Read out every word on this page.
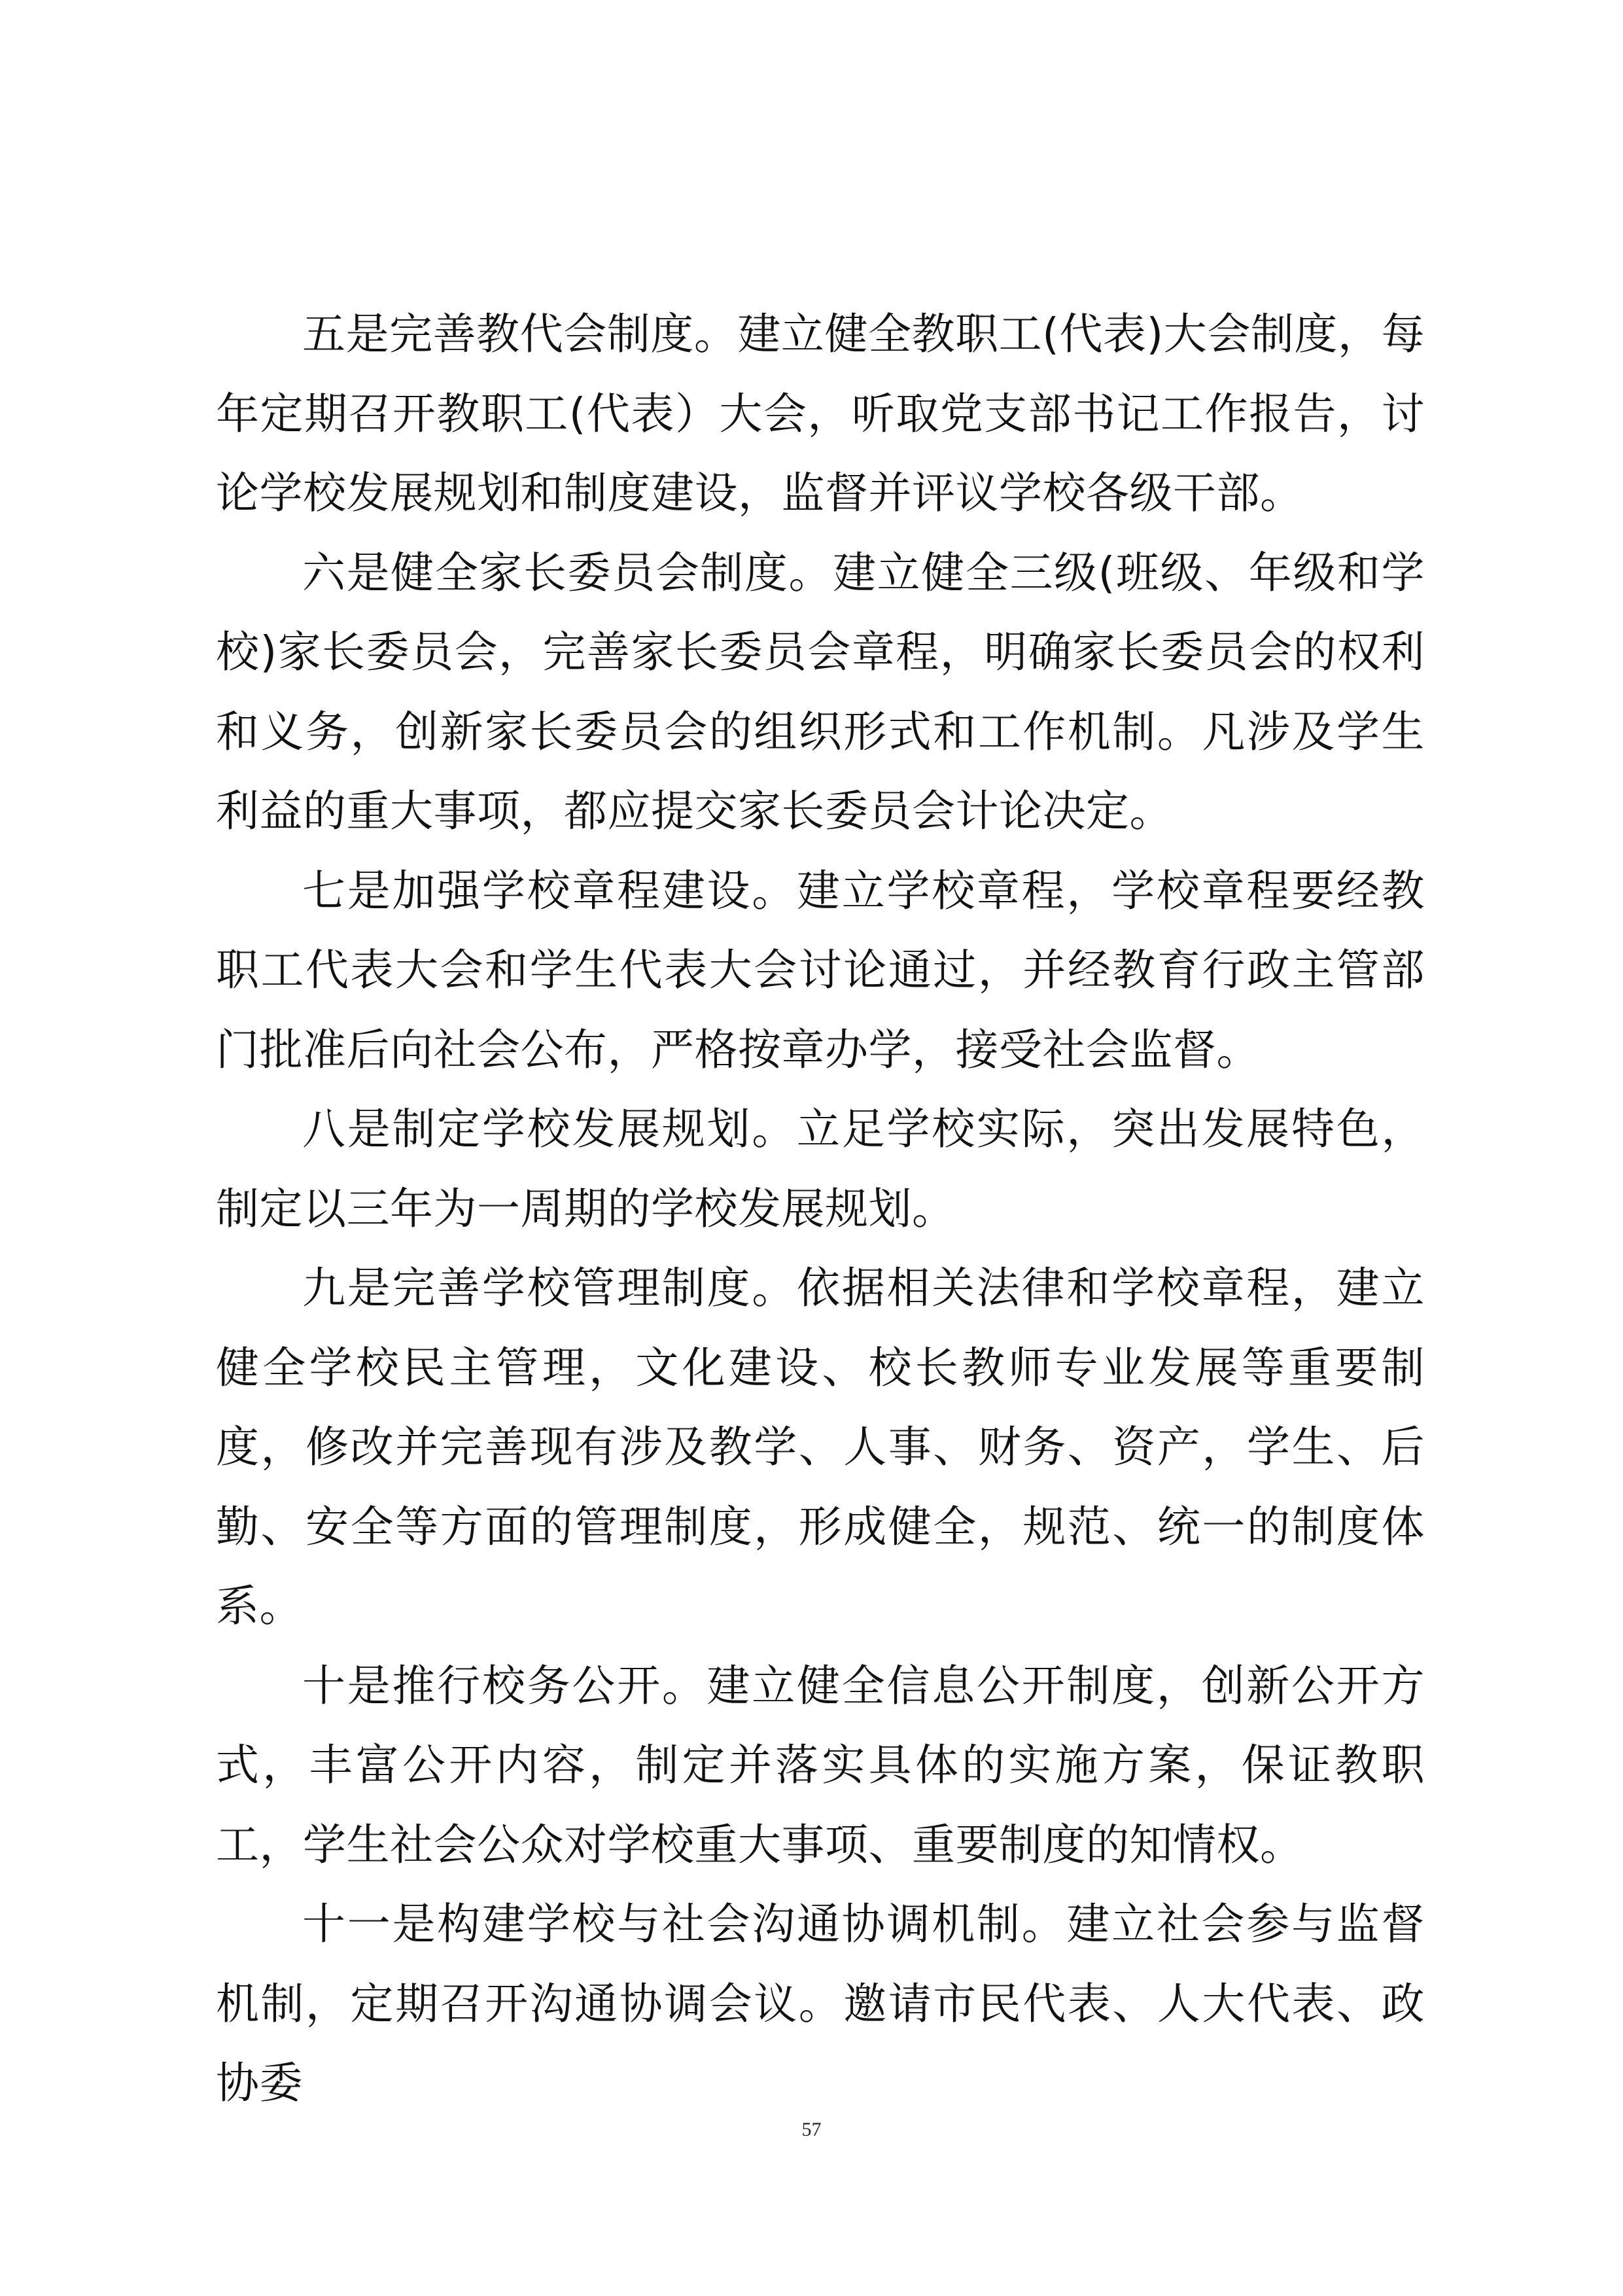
五是完善教代会制度。建立健全教职工(代表)大会制度，每年定期召开教职工(代表）大会，听取党支部书记工作报告，讨论学校发展规划和制度建设，监督并评议学校各级干部。

六是健全家长委员会制度。建立健全三级(班级、年级和学校)家长委员会，完善家长委员会章程，明确家长委员会的权利和义务，创新家长委员会的组织形式和工作机制。凡涉及学生利益的重大事项，都应提交家长委员会计论决定。

七是加强学校章程建设。建立学校章程，学校章程要经教职工代表大会和学生代表大会讨论通过，并经教育行政主管部门批准后向社会公布，严格按章办学，接受社会监督。

八是制定学校发展规划。立足学校实际，突出发展特色，制定以三年为一周期的学校发展规划。

九是完善学校管理制度。依据相关法律和学校章程，建立健全学校民主管理，文化建设、校长教师专业发展等重要制度，修改并完善现有涉及教学、人事、财务、资产，学生、后勤、安全等方面的管理制度，形成健全，规范、统一的制度体系。

十是推行校务公开。建立健全信息公开制度，创新公开方式，丰富公开内容，制定并落实具体的实施方案，保证教职工，学生社会公众对学校重大事项、重要制度的知情权。

十一是构建学校与社会沟通协调机制。建立社会参与监督机制，定期召开沟通协调会议。邀请市民代表、人大代表、政协委

57
